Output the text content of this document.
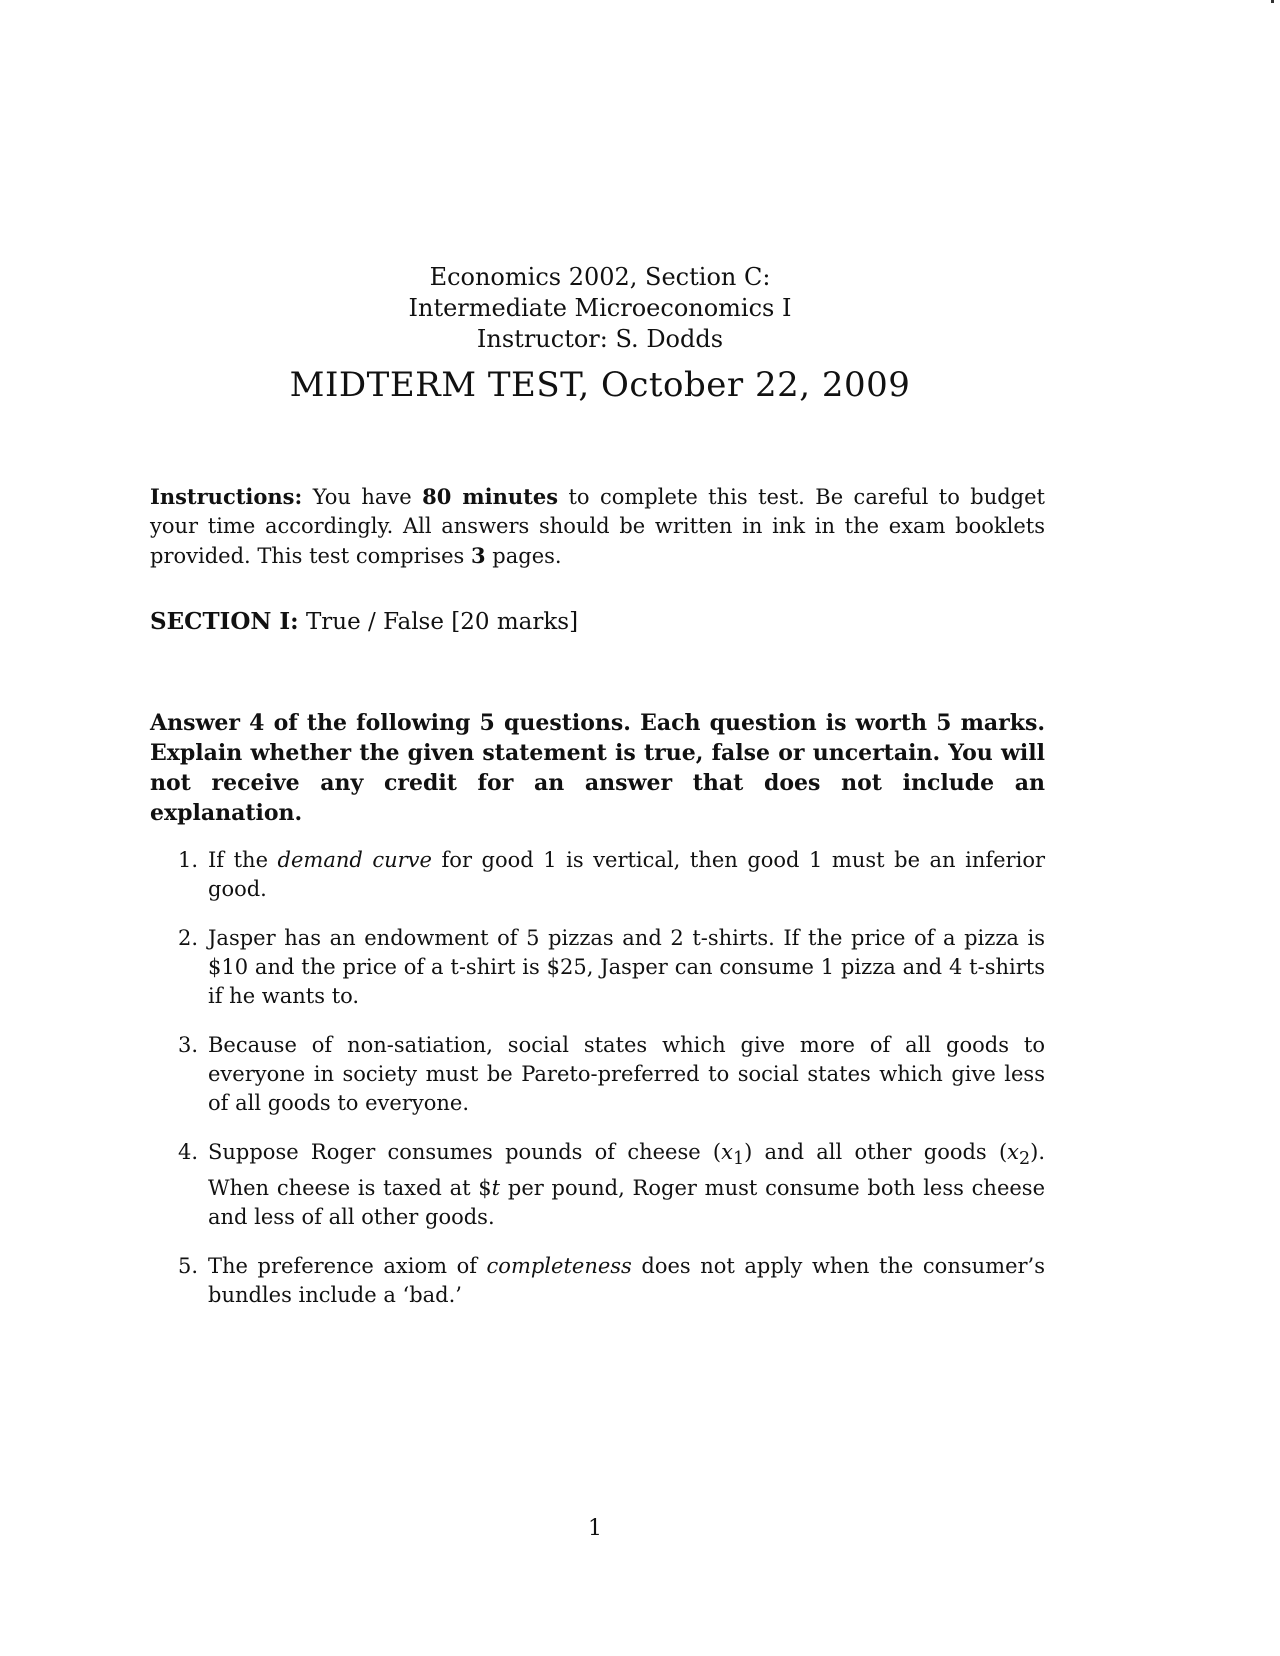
Economics 2002, Section C:
Intermediate Microeconomics I
Instructor: S. Dodds
MIDTERM TEST, October 22, 2009
Instructions: You have 80 minutes to complete this test. Be careful to budget your time accordingly. All answers should be written in ink in the exam booklets provided. This test comprises 3 pages.
SECTION I: True / False [20 marks]
Answer 4 of the following 5 questions. Each question is worth 5 marks. Explain whether the given statement is true, false or uncertain. You will not receive any credit for an answer that does not include an explanation.
1. If the demand curve for good 1 is vertical, then good 1 must be an inferior good.
2. Jasper has an endowment of 5 pizzas and 2 t-shirts. If the price of a pizza is $10 and the price of a t-shirt is $25, Jasper can consume 1 pizza and 4 t-shirts if he wants to.
3. Because of non-satiation, social states which give more of all goods to everyone in society must be Pareto-preferred to social states which give less of all goods to everyone.
4. Suppose Roger consumes pounds of cheese $(x_1)$ and all other goods $(x_2)$. When cheese is taxed at $t per pound, Roger must consume both less cheese and less of all other goods.
5. The preference axiom of completeness does not apply when the consumer’s bundles include a ‘bad.’
1
